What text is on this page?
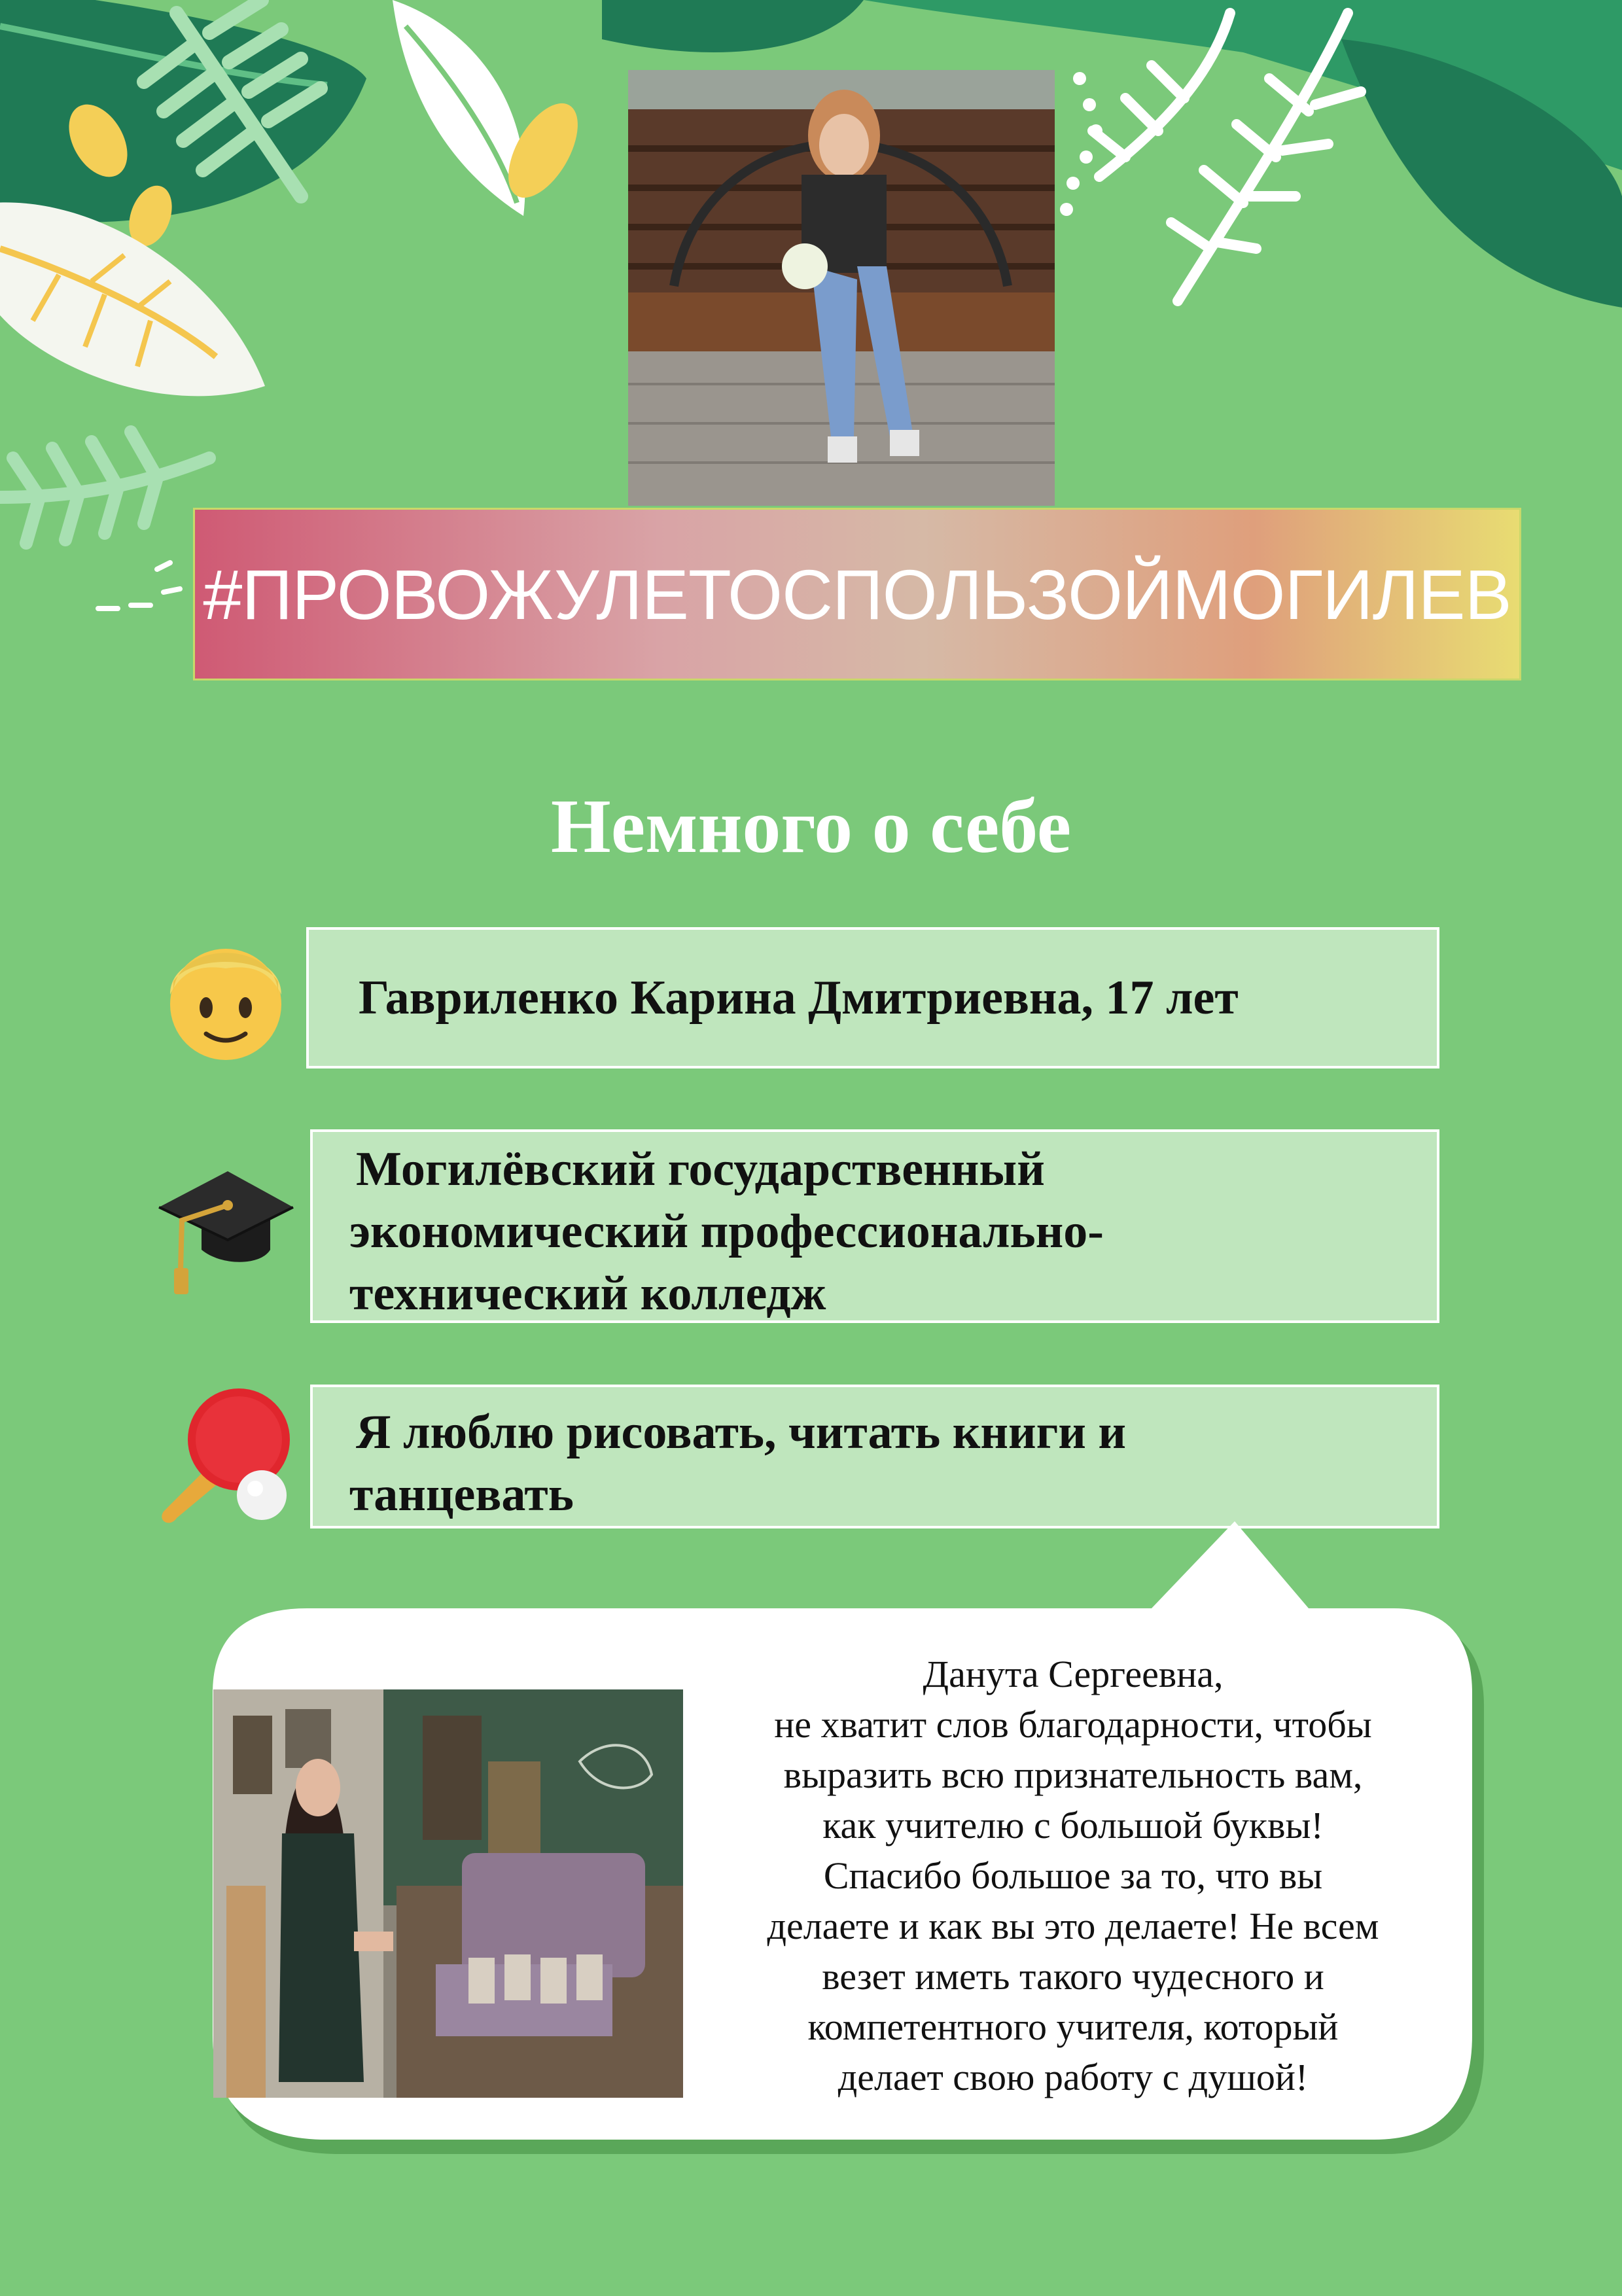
#ПРОВОЖУЛЕТОСПОЛЬЗОЙМОГИЛЕВ
Немного о себе
Гавриленко Карина Дмитриевна, 17 лет
Могилёвский государственный
экономический профессионально-
технический колледж
Я люблю рисовать, читать книги и
танцевать
Данута Сергеевна,
не хватит слов благодарности, чтобы
выразить всю признательность вам,
как учителю с большой буквы!
Спасибо большое за то, что вы
делаете и как вы это делаете! Не всем
везет иметь такого чудесного и
компетентного учителя, который
делает свою работу с душой!
